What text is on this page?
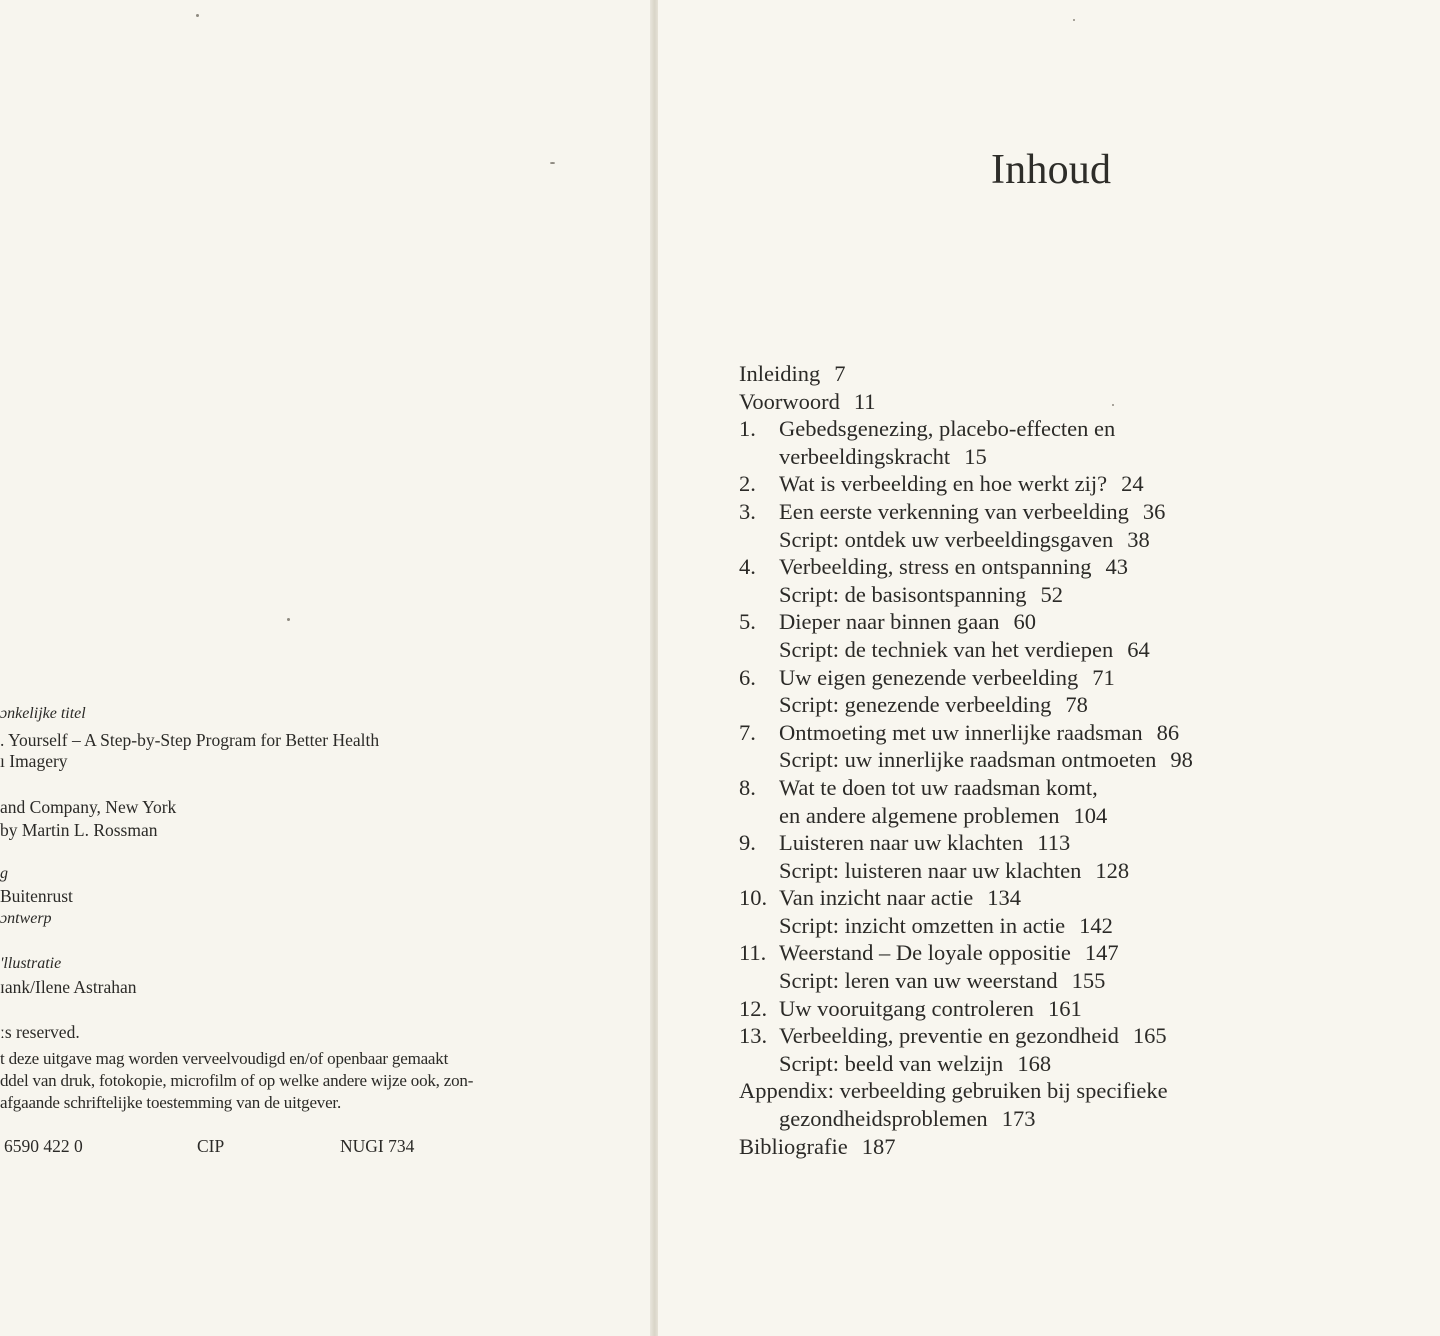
ɔnkelijke titel
. Yourself – A Step-by-Step Program for Better Health
ı Imagery
and Company, New York
by Martin L. Rossman
g
Buitenrust
ɔntwerp
'llustratie
ɪank/Ilene Astrahan
ːs reserved.
t deze uitgave mag worden verveelvoudigd en/of openbaar gemaakt
ddel van druk, fotokopie, microfilm of op welke andere wijze ook, zon-
afgaande schriftelijke toestemming van de uitgever.
6590 422 0	CIP	NUGI 734
Inhoud
Inleiding 7
Voorwoord 11
1. Gebedsgenezing, placebo-effecten en
verbeeldingskracht 15
2. Wat is verbeelding en hoe werkt zij? 24
3. Een eerste verkenning van verbeelding 36
Script: ontdek uw verbeeldingsgaven 38
4. Verbeelding, stress en ontspanning 43
Script: de basisontspanning 52
5. Dieper naar binnen gaan 60
Script: de techniek van het verdiepen 64
6. Uw eigen genezende verbeelding 71
Script: genezende verbeelding 78
7. Ontmoeting met uw innerlijke raadsman 86
Script: uw innerlijke raadsman ontmoeten 98
8. Wat te doen tot uw raadsman komt,
en andere algemene problemen 104
9. Luisteren naar uw klachten 113
Script: luisteren naar uw klachten 128
10. Van inzicht naar actie 134
Script: inzicht omzetten in actie 142
11. Weerstand – De loyale oppositie 147
Script: leren van uw weerstand 155
12. Uw vooruitgang controleren 161
13. Verbeelding, preventie en gezondheid 165
Script: beeld van welzijn 168
Appendix: verbeelding gebruiken bij specifieke
gezondheidsproblemen 173
Bibliografie 187
